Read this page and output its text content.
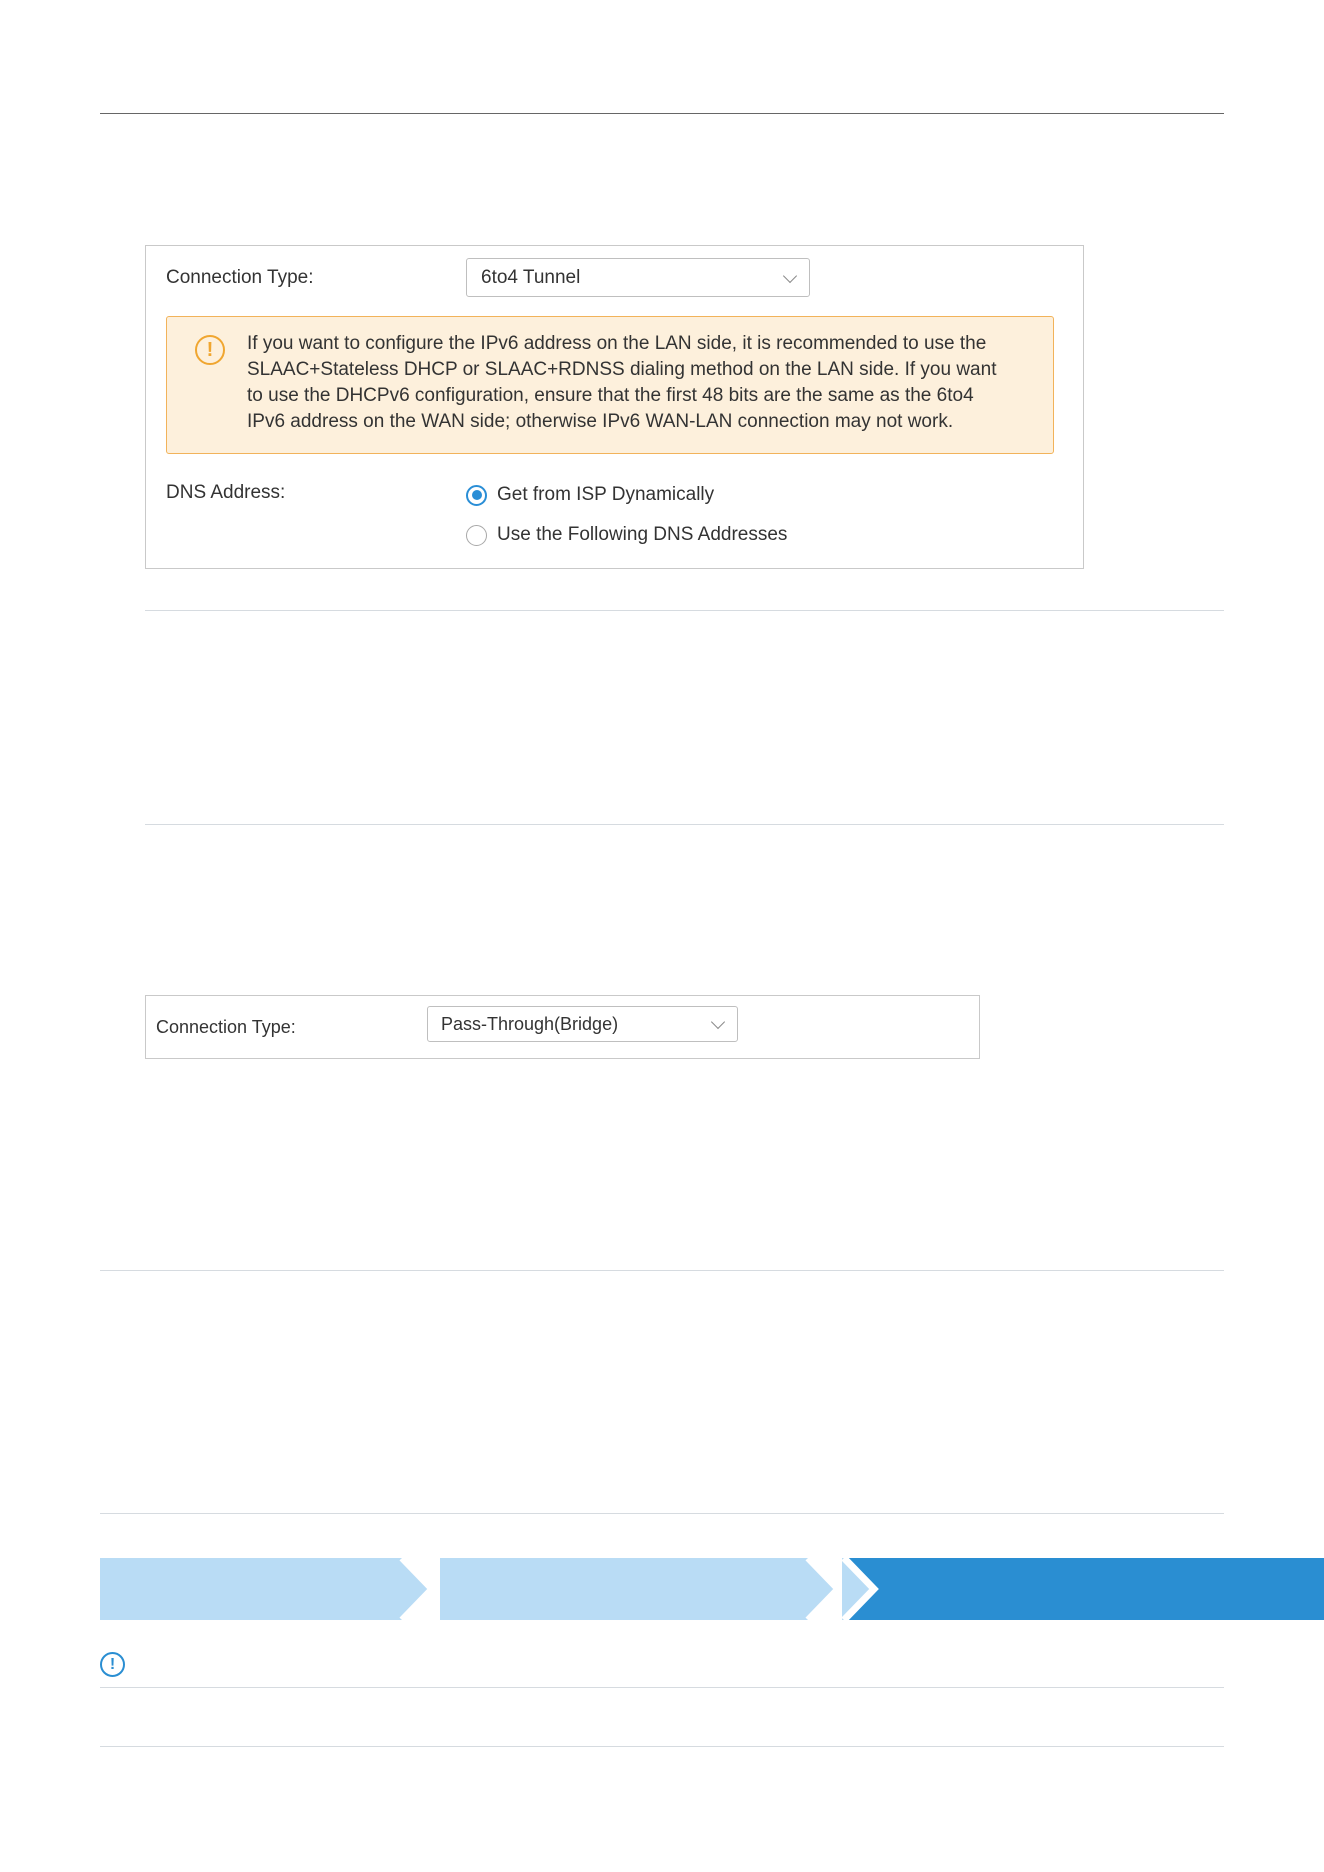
Connection Type:	6to4 Tunnel
!	If you want to configure the IPv6 address on the LAN side, it is recommended to use the
SLAAC+Stateless DHCP or SLAAC+RDNSS dialing method on the LAN side. If you want
to use the DHCPv6 configuration, ensure that the first 48 bits are the same as the 6to4
IPv6 address on the WAN side; otherwise IPv6 WAN-LAN connection may not work.
DNS Address:	Get from ISP Dynamically
Use the Following DNS Addresses
Connection Type:	Pass-Through(Bridge)
!
